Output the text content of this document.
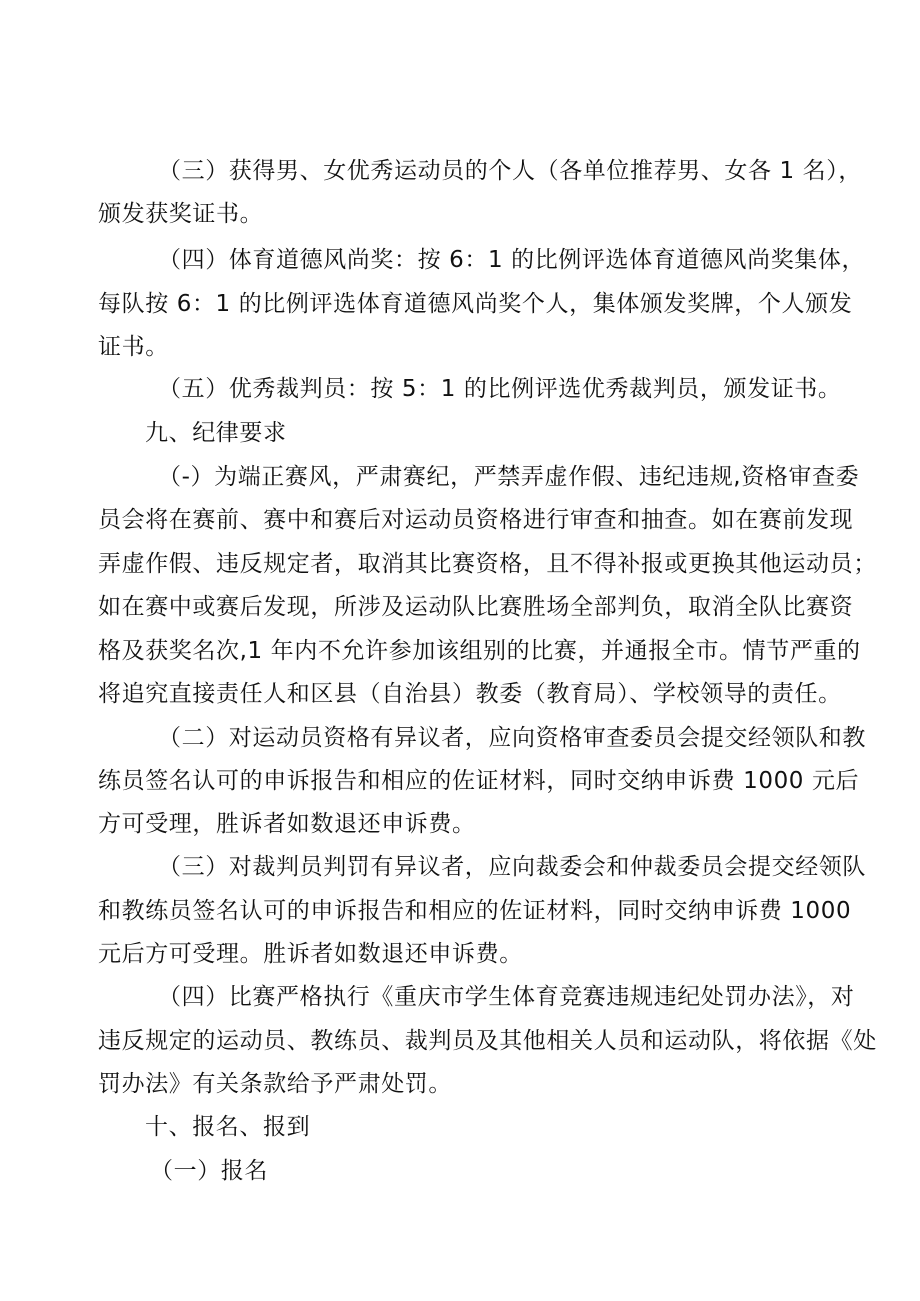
（三）获得男、女优秀运动员的个人（各单位推荐男、女各 1 名），
颁发获奖证书。
（四）体育道德风尚奖：按 6：1 的比例评选体育道德风尚奖集体，
每队按 6：1 的比例评选体育道德风尚奖个人，集体颁发奖牌，个人颁发
证书。
（五）优秀裁判员：按 5：1 的比例评选优秀裁判员，颁发证书。
九、纪律要求
（-）为端正赛风，严肃赛纪，严禁弄虚作假、违纪违规,资格审查委
员会将在赛前、赛中和赛后对运动员资格进行审查和抽查。如在赛前发现
弄虚作假、违反规定者，取消其比赛资格，且不得补报或更换其他运动员；
如在赛中或赛后发现，所涉及运动队比赛胜场全部判负，取消全队比赛资
格及获奖名次,1 年内不允许参加该组别的比赛，并通报全市。情节严重的
将追究直接责任人和区县（自治县）教委（教育局）、学校领导的责任。
（二）对运动员资格有异议者，应向资格审查委员会提交经领队和教
练员签名认可的申诉报告和相应的佐证材料，同时交纳申诉费 1000 元后
方可受理，胜诉者如数退还申诉费。
（三）对裁判员判罚有异议者，应向裁委会和仲裁委员会提交经领队
和教练员签名认可的申诉报告和相应的佐证材料，同时交纳申诉费 1000
元后方可受理。胜诉者如数退还申诉费。
（四）比赛严格执行《重庆市学生体育竞赛违规违纪处罚办法》，对
违反规定的运动员、教练员、裁判员及其他相关人员和运动队，将依据《处
罚办法》有关条款给予严肃处罚。
十、报名、报到
（一）报名
